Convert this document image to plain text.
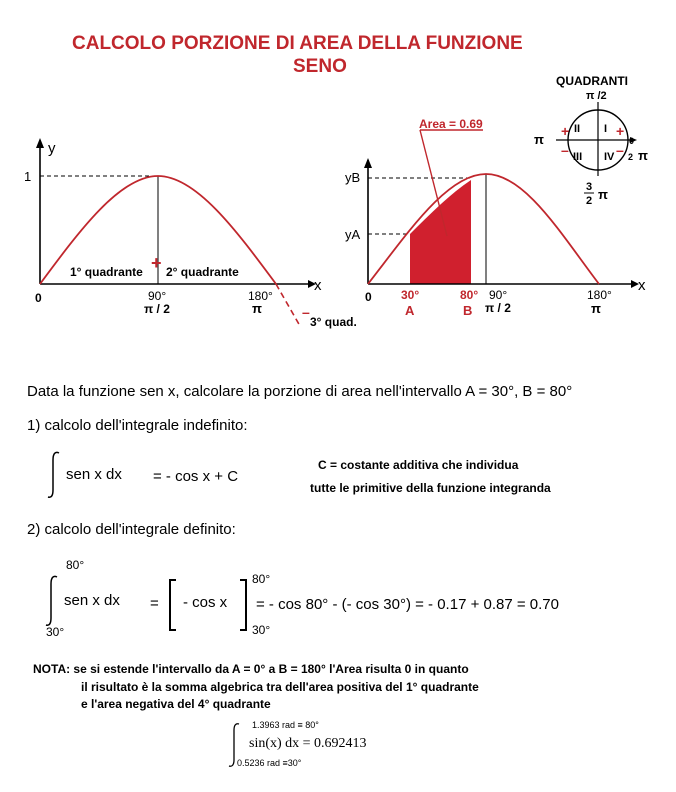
CALCOLO PORZIONE DI AREA DELLA FUNZIONE
SENO
y
x
1
0	90°
π / 2
180°
π
+
–
1° quadrante 2° quadrante
3° quad.
Area = 0.69
x
yB
yA
0 30°	80° 90°
π / 2
180°
π
A	B
QUADRANTI
π /2
π	0
2 π
3
2 π
I
II
III IV
+	+
–	–
Data la funzione sen x, calcolare la porzione di area nell'intervallo A = 30°, B = 80°
1) calcolo dell'integrale indefinito:
sen x dx = - cos x + C
C = costante additiva che individua
tutte le primitive della funzione integranda
2) calcolo dell'integrale definito:
80°
30°
sen x dx = - cos x
80°
30°
= - cos 80° - (- cos 30°) = - 0.17 + 0.87 = 0.70
NOTA: se si estende l'intervallo da A = 0° a B = 180° l'Area risulta 0 in quanto
il risultato è la somma algebrica tra dell'area positiva del 1° quadrante
e l'area negativa del 4° quadrante
1.3963 rad ≡ 80°
sin(x) dx = 0.692413
0.5236 rad ≡30°
